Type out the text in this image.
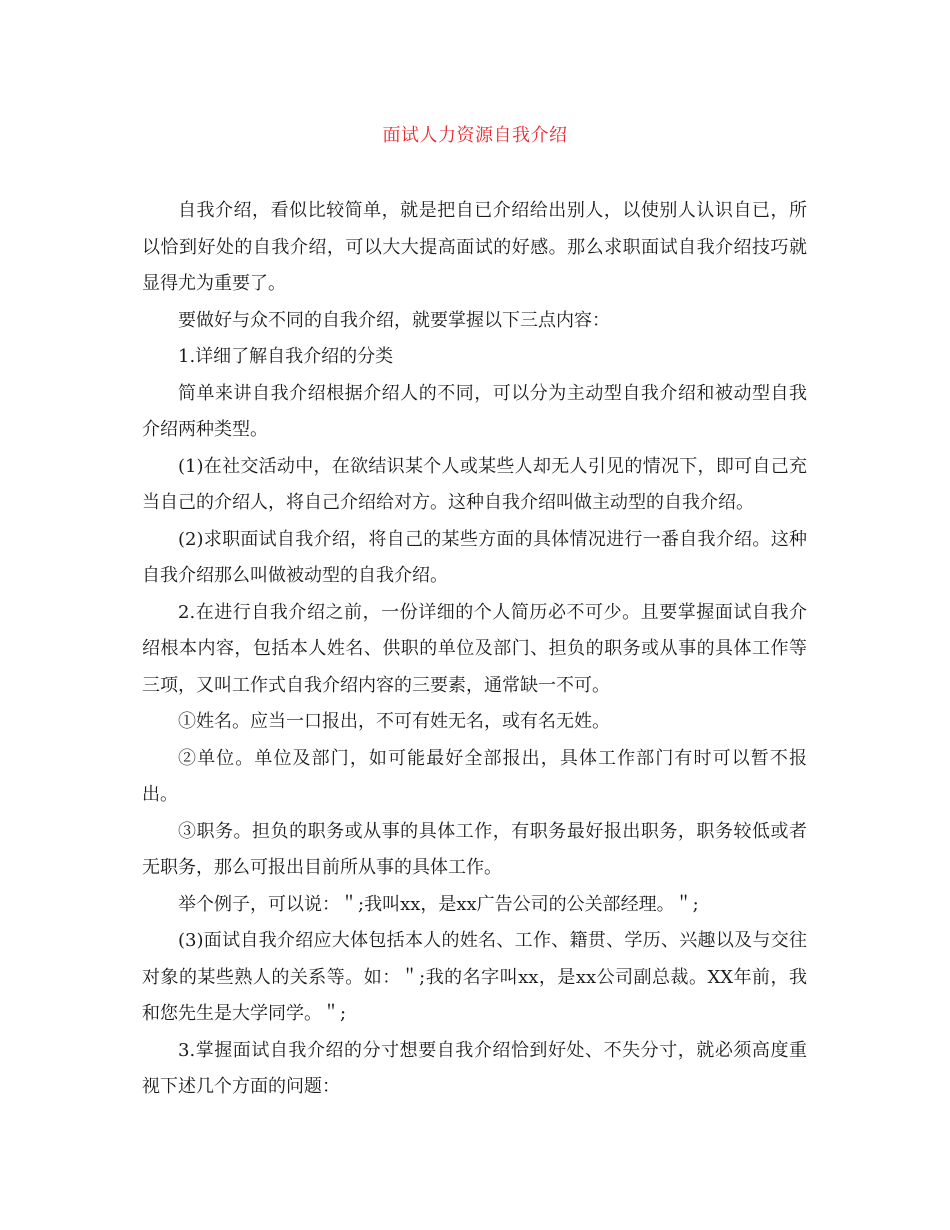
面试人力资源自我介绍

自我介绍，看似比较简单，就是把自已介绍给出别人，以使别人认识自已，所以恰到好处的自我介绍，可以大大提高面试的好感。那么求职面试自我介绍技巧就显得尤为重要了。

要做好与众不同的自我介绍，就要掌握以下三点内容：

1.详细了解自我介绍的分类

简单来讲自我介绍根据介绍人的不同，可以分为主动型自我介绍和被动型自我介绍两种类型。

(1)在社交活动中，在欲结识某个人或某些人却无人引见的情况下，即可自己充当自己的介绍人，将自己介绍给对方。这种自我介绍叫做主动型的自我介绍。

(2)求职面试自我介绍，将自己的某些方面的具体情况进行一番自我介绍。这种自我介绍那么叫做被动型的自我介绍。

2.在进行自我介绍之前，一份详细的个人简历必不可少。且要掌握面试自我介绍根本内容，包括本人姓名、供职的单位及部门、担负的职务或从事的具体工作等三项，又叫工作式自我介绍内容的三要素，通常缺一不可。

①姓名。应当一口报出，不可有姓无名，或有名无姓。

②单位。单位及部门，如可能最好全部报出，具体工作部门有时可以暂不报出。

③职务。担负的职务或从事的具体工作，有职务最好报出职务，职务较低或者无职务，那么可报出目前所从事的具体工作。

举个例子，可以说：＂;我叫xx，是xx广告公司的公关部经理。＂;

(3)面试自我介绍应大体包括本人的姓名、工作、籍贯、学历、兴趣以及与交往对象的某些熟人的关系等。如：＂;我的名字叫xx，是xx公司副总裁。XX年前，我和您先生是大学同学。＂;

3.掌握面试自我介绍的分寸想要自我介绍恰到好处、不失分寸，就必须高度重视下述几个方面的问题：
